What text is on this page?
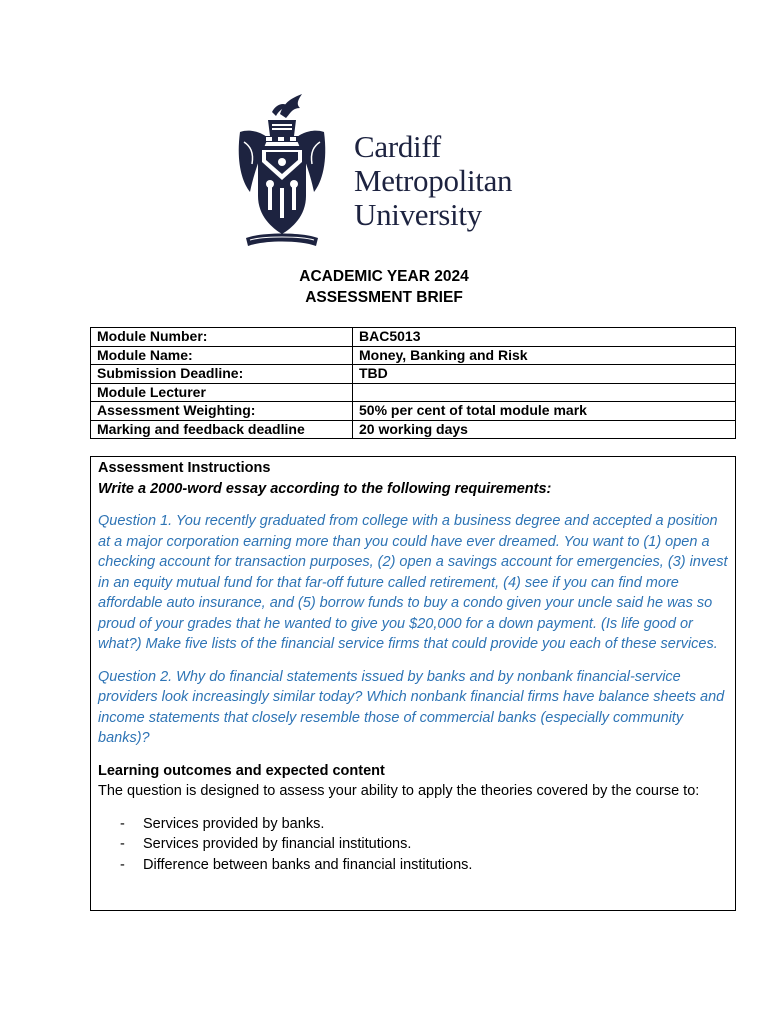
Cardiff
Metropolitan
University
ACADEMIC YEAR 2024
ASSESSMENT BRIEF
Module Number:	BAC5013
Module Name:	Money, Banking and Risk
Submission Deadline:	TBD
Module Lecturer	
Assessment Weighting:	50% per cent of total module mark
Marking and feedback deadline	20 working days

Assessment Instructions

Write a 2000-word essay according to the following requirements:

Question 1. You recently graduated from college with a business degree and accepted a position at a major corporation earning more than you could have ever dreamed. You want to (1) open a checking account for transaction purposes, (2) open a savings account for emergencies, (3) invest in an equity mutual fund for that far-off future called retirement, (4) see if you can find more affordable auto insurance, and (5) borrow funds to buy a condo given your uncle said he was so proud of your grades that he wanted to give you $20,000 for a down payment. (Is life good or what?) Make five lists of the financial service firms that could provide you each of these services.

Question 2. Why do financial statements issued by banks and by nonbank financial-service providers look increasingly similar today? Which nonbank financial firms have balance sheets and income statements that closely resemble those of commercial banks (especially community banks)?

Learning outcomes and expected content

The question is designed to assess your ability to apply the theories covered by the course to:

- Services provided by banks.
- Services provided by financial institutions.
- Difference between banks and financial institutions.
